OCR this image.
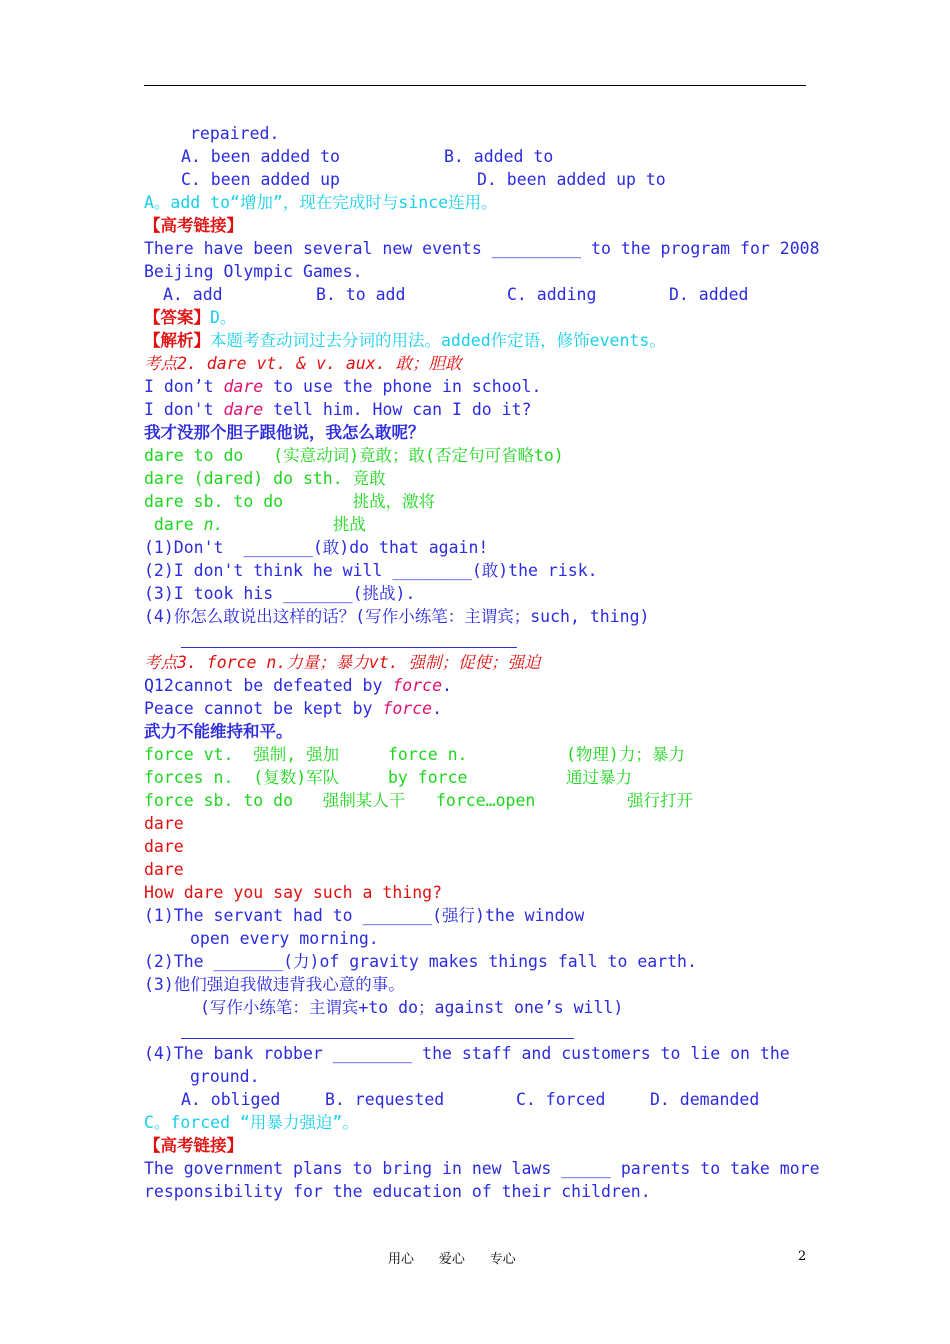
repaired.
A. been added to	B. added to
C. been added up	D. been added up to
A。add to“增加”，现在完成时与since连用。
【高考链接】
There have been several new events _________ to the program for 2008
Beijing Olympic Games.
A. add	B. to add	C. adding	D. added
【答案】D。
【解析】本题考查动词过去分词的用法。added作定语，修饰events。
考点2. dare vt. & v. aux. 敢；胆敢
I don’t dare to use the phone in school.
I don't dare tell him. How can I do it?
我才没那个胆子跟他说，我怎么敢呢？
dare to do   (实意动词)竟敢；敢(否定句可省略to)
dare (dared) do sth. 竟敢
dare sb. to do       挑战，激将
dare n.           挑战
(1)Don't  _______(敢)do that again!
(2)I don't think he will ________(敢)the risk.
(3)I took his _______(挑战).
(4)你怎么敢说出这样的话？(写作小练笔：主谓宾；such, thing)
考点3. force n.力量；暴力vt. 强制；促使；强迫
Q12cannot be defeated by force.
Peace cannot be kept by force.
武力不能维持和平。
force vt.  强制, 强加	force n.	(物理)力；暴力
forces n.  (复数)军队	by force	通过暴力
force sb. to do   强制某人干 force…open	强行打开
dare
dare
dare
How dare you say such a thing?
(1)The servant had to _______(强行)the window
open every morning.
(2)The _______(力)of gravity makes things fall to earth.
(3)他们强迫我做违背我心意的事。
(写作小练笔：主谓宾+to do；against one’s will)
(4)The bank robber ________ the staff and customers to lie on the
ground.
A. obliged	B. requested	C. forced	D. demanded
C。forced “用暴力强迫”。
【高考链接】
The government plans to bring in new laws _____ parents to take more
responsibility for the education of their children.
用心 爱心 专心	2
